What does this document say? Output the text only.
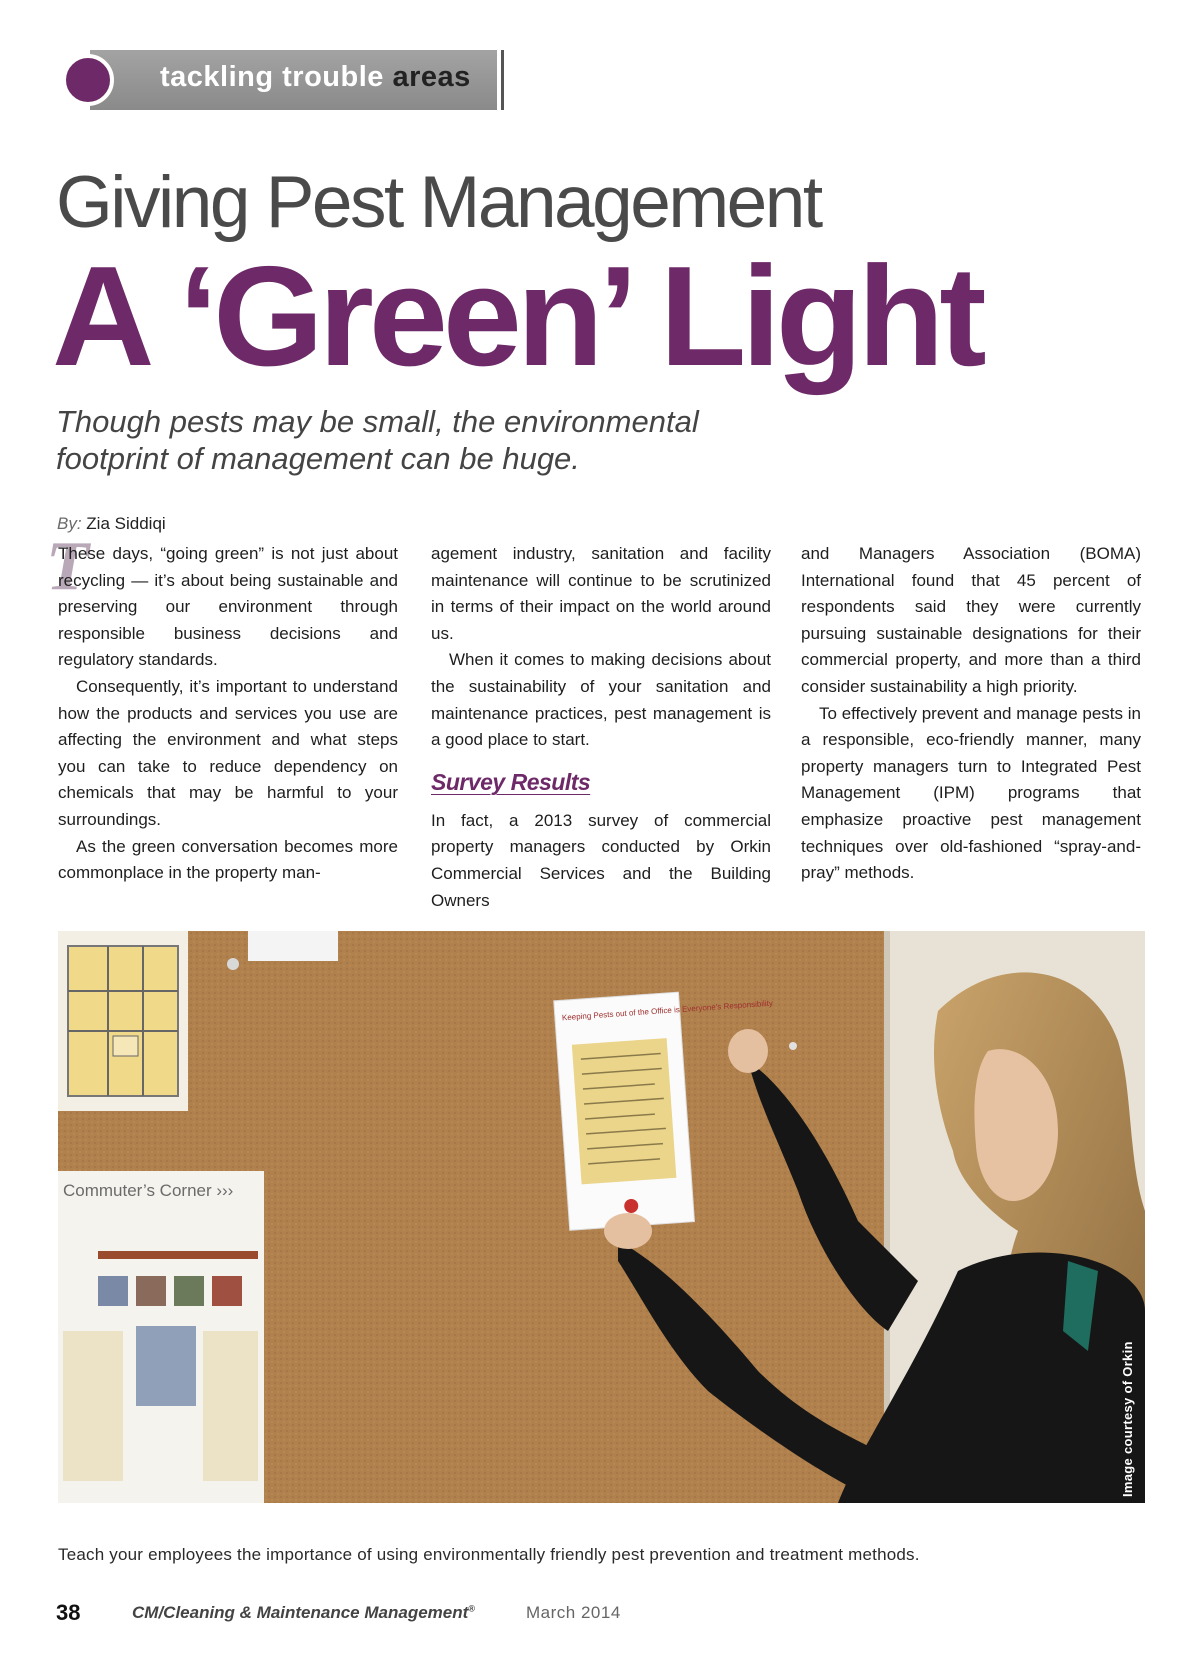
tackling trouble areas
Giving Pest Management
A ‘Green’ Light

Though pests may be small, the environmental footprint of management can be huge.

By: Zia Siddiqi
T

These days, “going green” is not just about recycling — it’s about being sustainable and preserving our environment through responsible business decisions and regulatory standards.

Consequently, it’s important to understand how the products and services you use are affecting the environment and what steps you can take to reduce dependency on chemicals that may be harmful to your surroundings.

As the green conversation becomes more commonplace in the property man-

agement industry, sanitation and facility maintenance will continue to be scrutinized in terms of their impact on the world around us.

When it comes to making decisions about the sustainability of your sanitation and maintenance practices, pest management is a good place to start.

Survey Results

In fact, a 2013 survey of commercial property managers conducted by Orkin Commercial Services and the Building Owners

and Managers Association (BOMA) International found that 45 percent of respondents said they were currently pursuing sustainable designations for their commercial property, and more than a third consider sustainability a high priority.

To effectively prevent and manage pests in a responsible, eco-friendly manner, many property managers turn to Integrated Pest Management (IPM) programs that emphasize proactive pest management techniques over old-fashioned “spray-and-pray” methods.

Commuter’s Corner ›››
Keeping Pests out of the Office is Everyone’s Responsibility
Image courtesy of Orkin
Teach your employees the importance of using environmentally friendly pest prevention and treatment methods.
38	CM/Cleaning & Maintenance Management®	March 2014
